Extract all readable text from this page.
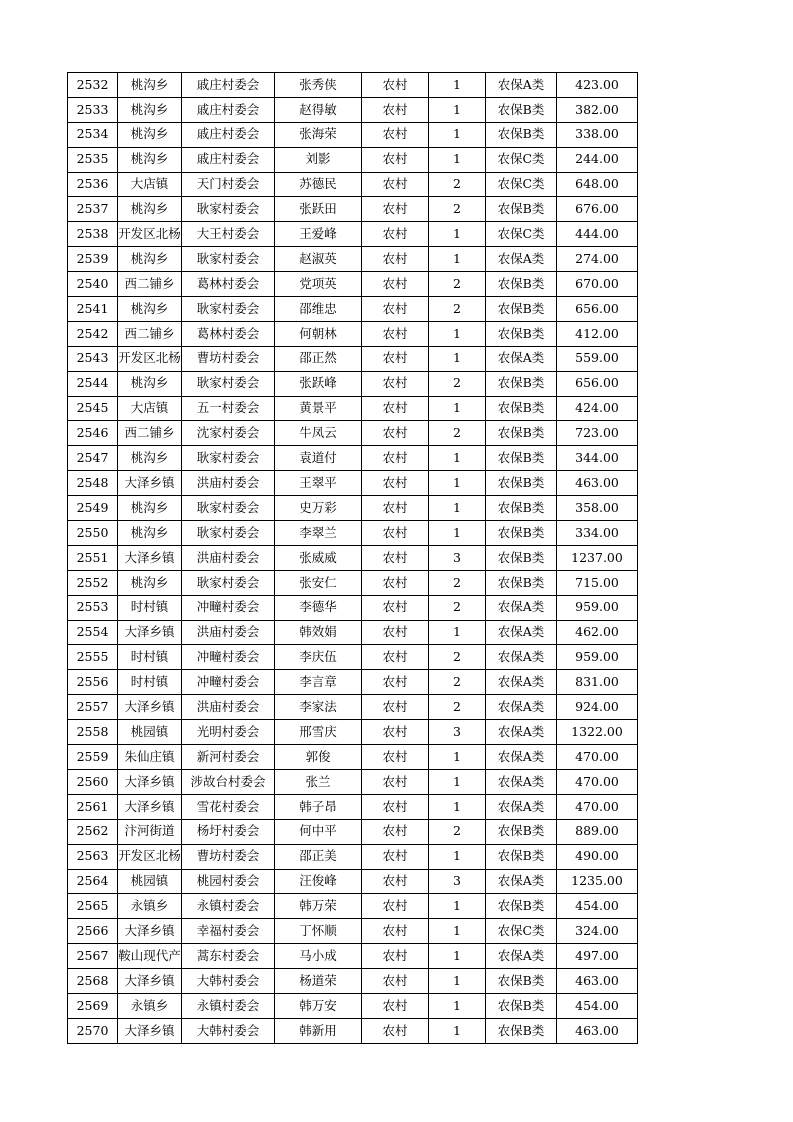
2532	桃沟乡	戚庄村委会	张秀侠	农村	1	农保A类	423.00
2533	桃沟乡	戚庄村委会	赵得敏	农村	1	农保B类	382.00
2534	桃沟乡	戚庄村委会	张海荣	农村	1	农保B类	338.00
2535	桃沟乡	戚庄村委会	刘影	农村	1	农保C类	244.00
2536	大店镇	天门村委会	苏德民	农村	2	农保C类	648.00
2537	桃沟乡	耿家村委会	张跃田	农村	2	农保B类	676.00
2538	开发区北杨	大王村委会	王爱峰	农村	1	农保C类	444.00
2539	桃沟乡	耿家村委会	赵淑英	农村	1	农保A类	274.00
2540	西二铺乡	葛林村委会	党项英	农村	2	农保B类	670.00
2541	桃沟乡	耿家村委会	邵维忠	农村	2	农保B类	656.00
2542	西二铺乡	葛林村委会	何朝林	农村	1	农保B类	412.00
2543	开发区北杨	曹坊村委会	邵正然	农村	1	农保A类	559.00
2544	桃沟乡	耿家村委会	张跃峰	农村	2	农保B类	656.00
2545	大店镇	五一村委会	黄景平	农村	1	农保B类	424.00
2546	西二铺乡	沈家村委会	牛凤云	农村	2	农保B类	723.00
2547	桃沟乡	耿家村委会	袁道付	农村	1	农保B类	344.00
2548	大泽乡镇	洪庙村委会	王翠平	农村	1	农保B类	463.00
2549	桃沟乡	耿家村委会	史万彩	农村	1	农保B类	358.00
2550	桃沟乡	耿家村委会	李翠兰	农村	1	农保B类	334.00
2551	大泽乡镇	洪庙村委会	张威威	农村	3	农保B类	1237.00
2552	桃沟乡	耿家村委会	张安仁	农村	2	农保B类	715.00
2553	时村镇	冲疃村委会	李德华	农村	2	农保A类	959.00
2554	大泽乡镇	洪庙村委会	韩效娟	农村	1	农保A类	462.00
2555	时村镇	冲疃村委会	李庆伍	农村	2	农保A类	959.00
2556	时村镇	冲疃村委会	李言章	农村	2	农保A类	831.00
2557	大泽乡镇	洪庙村委会	李家法	农村	2	农保A类	924.00
2558	桃园镇	光明村委会	邢雪庆	农村	3	农保A类	1322.00
2559	朱仙庄镇	新河村委会	郭俊	农村	1	农保A类	470.00
2560	大泽乡镇	涉故台村委会	张兰	农村	1	农保A类	470.00
2561	大泽乡镇	雪花村委会	韩子昂	农村	1	农保A类	470.00
2562	汴河街道	杨圩村委会	何中平	农村	2	农保B类	889.00
2563	开发区北杨	曹坊村委会	邵正美	农村	1	农保B类	490.00
2564	桃园镇	桃园村委会	汪俊峰	农村	3	农保A类	1235.00
2565	永镇乡	永镇村委会	韩万荣	农村	1	农保B类	454.00
2566	大泽乡镇	幸福村委会	丁怀顺	农村	1	农保C类	324.00
2567	鞍山现代产	蒿东村委会	马小成	农村	1	农保A类	497.00
2568	大泽乡镇	大韩村委会	杨道荣	农村	1	农保B类	463.00
2569	永镇乡	永镇村委会	韩万安	农村	1	农保B类	454.00
2570	大泽乡镇	大韩村委会	韩新用	农村	1	农保B类	463.00
